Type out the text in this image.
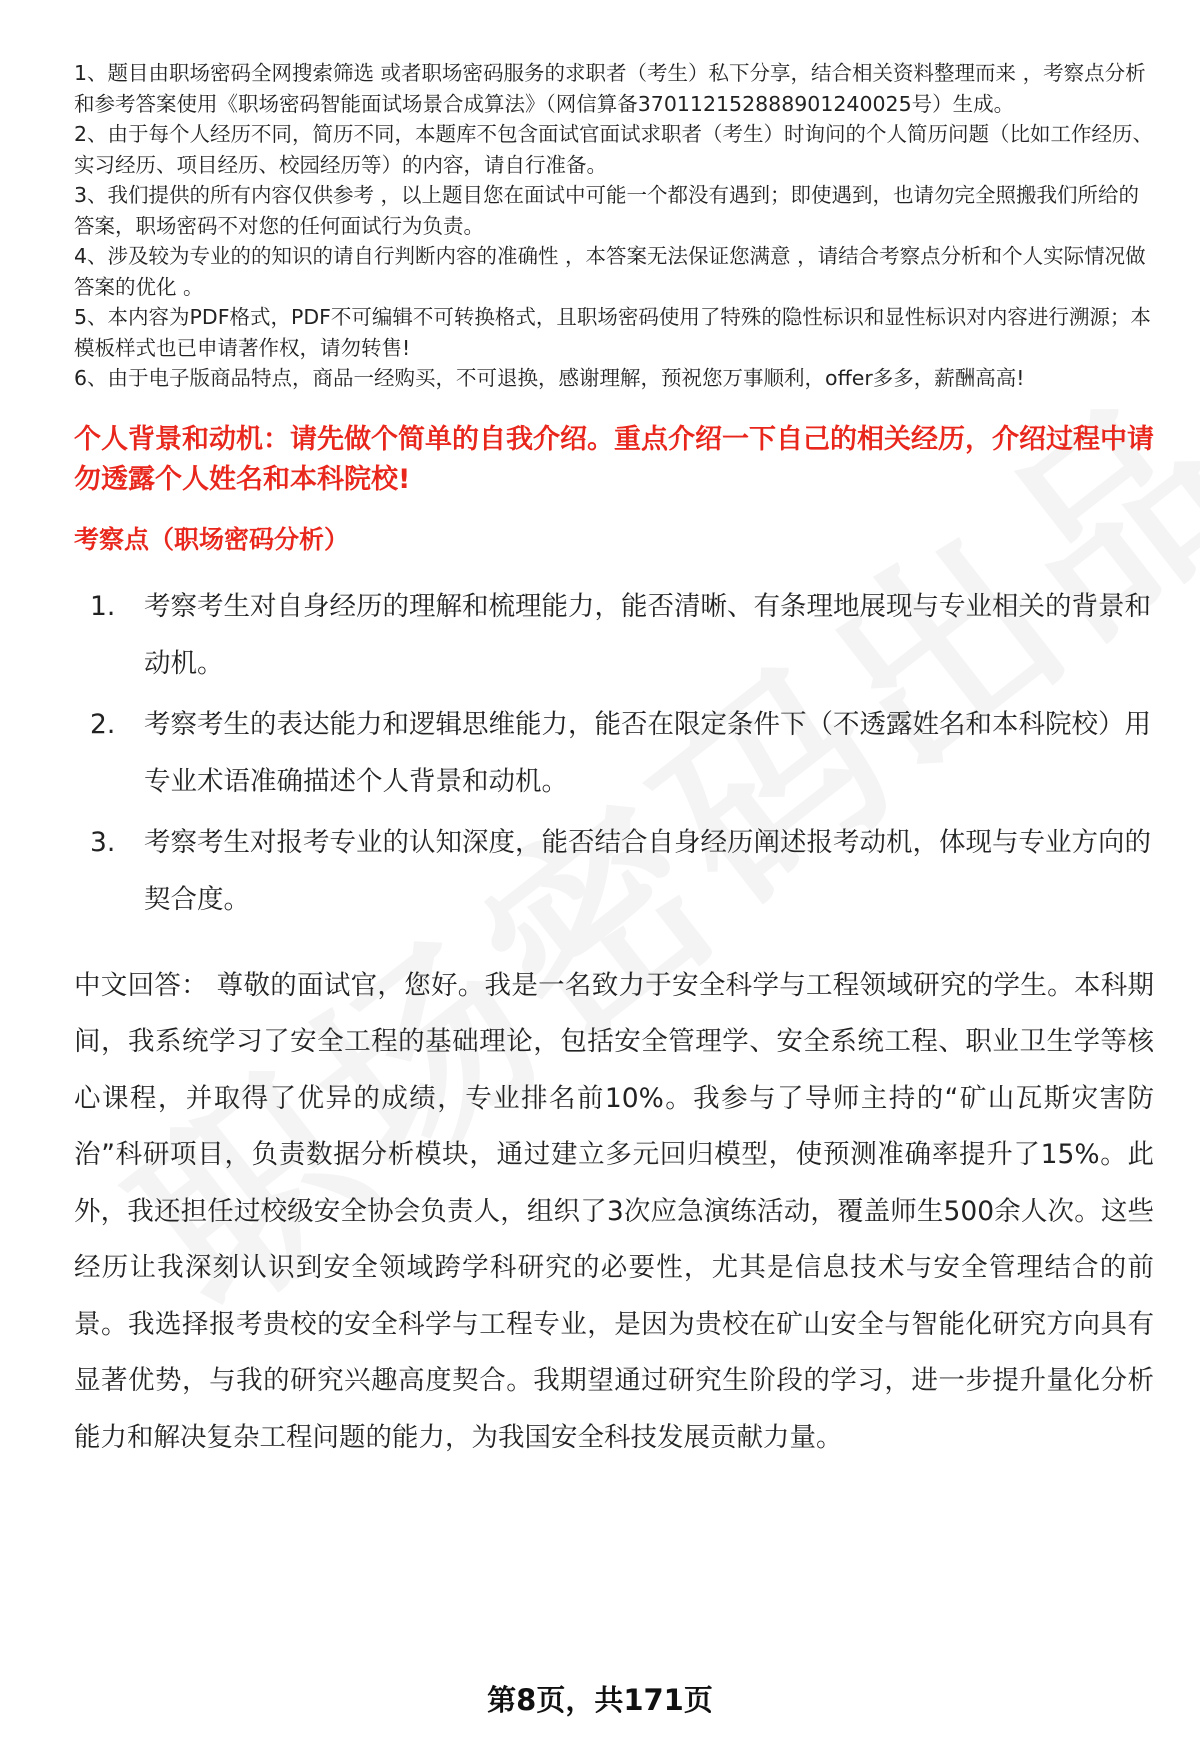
1、题目由职场密码全网搜索筛选 或者职场密码服务的求职者（考生）私下分享，结合相关资料整理而来 ，考察点分析和参考答案使用《职场密码智能面试场景合成算法》（网信算备370112152888901240025号）生成。
2、由于每个人经历不同，简历不同，本题库不包含面试官面试求职者（考生）时询问的个人简历问题（比如工作经历、实习经历、项目经历、校园经历等）的内容，请自行准备。
3、我们提供的所有内容仅供参考 ，以上题目您在面试中可能一个都没有遇到；即使遇到，也请勿完全照搬我们所给的答案，职场密码不对您的任何面试行为负责。
4、涉及较为专业的的知识的请自行判断内容的准确性 ，本答案无法保证您满意 ，请结合考察点分析和个人实际情况做答案的优化 。
5、本内容为PDF格式，PDF不可编辑不可转换格式，且职场密码使用了特殊的隐性标识和显性标识对内容进行溯源；本模板样式也已申请著作权，请勿转售!
6、由于电子版商品特点，商品一经购买，不可退换，感谢理解，预祝您万事顺利，offer多多，薪酬高高!
个人背景和动机：请先做个简单的自我介绍。重点介绍一下自己的相关经历，介绍过程中请勿透露个人姓名和本科院校!
考察点（职场密码分析）
1.	考察考生对自身经历的理解和梳理能力，能否清晰、有条理地展现与专业相关的背景和动机。
2.	考察考生的表达能力和逻辑思维能力，能否在限定条件下（不透露姓名和本科院校）用专业术语准确描述个人背景和动机。
3.	考察考生对报考专业的认知深度，能否结合自身经历阐述报考动机，体现与专业方向的契合度。
中文回答： 尊敬的面试官，您好。我是一名致力于安全科学与工程领域研究的学生。本科期间，我系统学习了安全工程的基础理论，包括安全管理学、安全系统工程、职业卫生学等核心课程，并取得了优异的成绩，专业排名前10%。我参与了导师主持的“矿山瓦斯灾害防治”科研项目，负责数据分析模块，通过建立多元回归模型，使预测准确率提升了15%。此外，我还担任过校级安全协会负责人，组织了3次应急演练活动，覆盖师生500余人次。这些经历让我深刻认识到安全领域跨学科研究的必要性，尤其是信息技术与安全管理结合的前景。我选择报考贵校的安全科学与工程专业，是因为贵校在矿山安全与智能化研究方向具有显著优势，与我的研究兴趣高度契合。我期望通过研究生阶段的学习，进一步提升量化分析能力和解决复杂工程问题的能力，为我国安全科技发展贡献力量。
第8页，共171页
